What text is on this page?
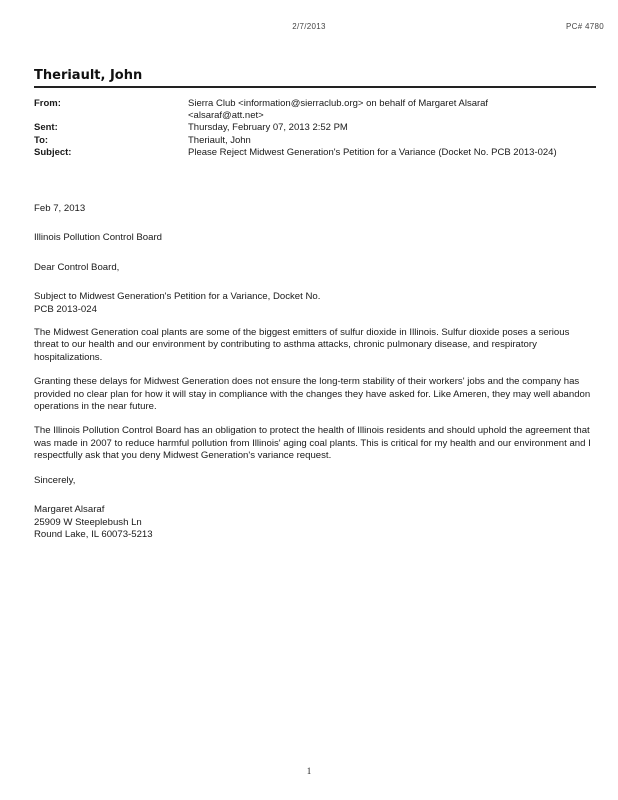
2/7/2013	PC# 4780
Theriault, John
From:	Sierra Club <information@sierraclub.org> on behalf of Margaret Alsaraf
<alsaraf@att.net>
Sent:	Thursday, February 07, 2013 2:52 PM
To:	Theriault, John
Subject:	Please Reject Midwest Generation's Petition for a Variance (Docket No. PCB 2013-024)

Feb 7, 2013

Illinois Pollution Control Board

Dear Control Board,

Subject to Midwest Generation's Petition for a Variance, Docket No.

PCB 2013-024

The Midwest Generation coal plants are some of the biggest emitters of sulfur dioxide in Illinois. Sulfur dioxide poses a serious threat to our health and our environment by contributing to asthma attacks, chronic pulmonary disease, and respiratory hospitalizations.

Granting these delays for Midwest Generation does not ensure the long-term stability of their workers' jobs and the company has provided no clear plan for how it will stay in compliance with the changes they have asked for. Like Ameren, they may well abandon operations in the near future.

The Illinois Pollution Control Board has an obligation to protect the health of Illinois residents and should uphold the agreement that was made in 2007 to reduce harmful pollution from Illinois' aging coal plants. This is critical for my health and our environment and I respectfully ask that you deny Midwest Generation's variance request.

Sincerely,

Margaret Alsaraf

25909 W Steeplebush Ln

Round Lake, IL 60073-5213

1
